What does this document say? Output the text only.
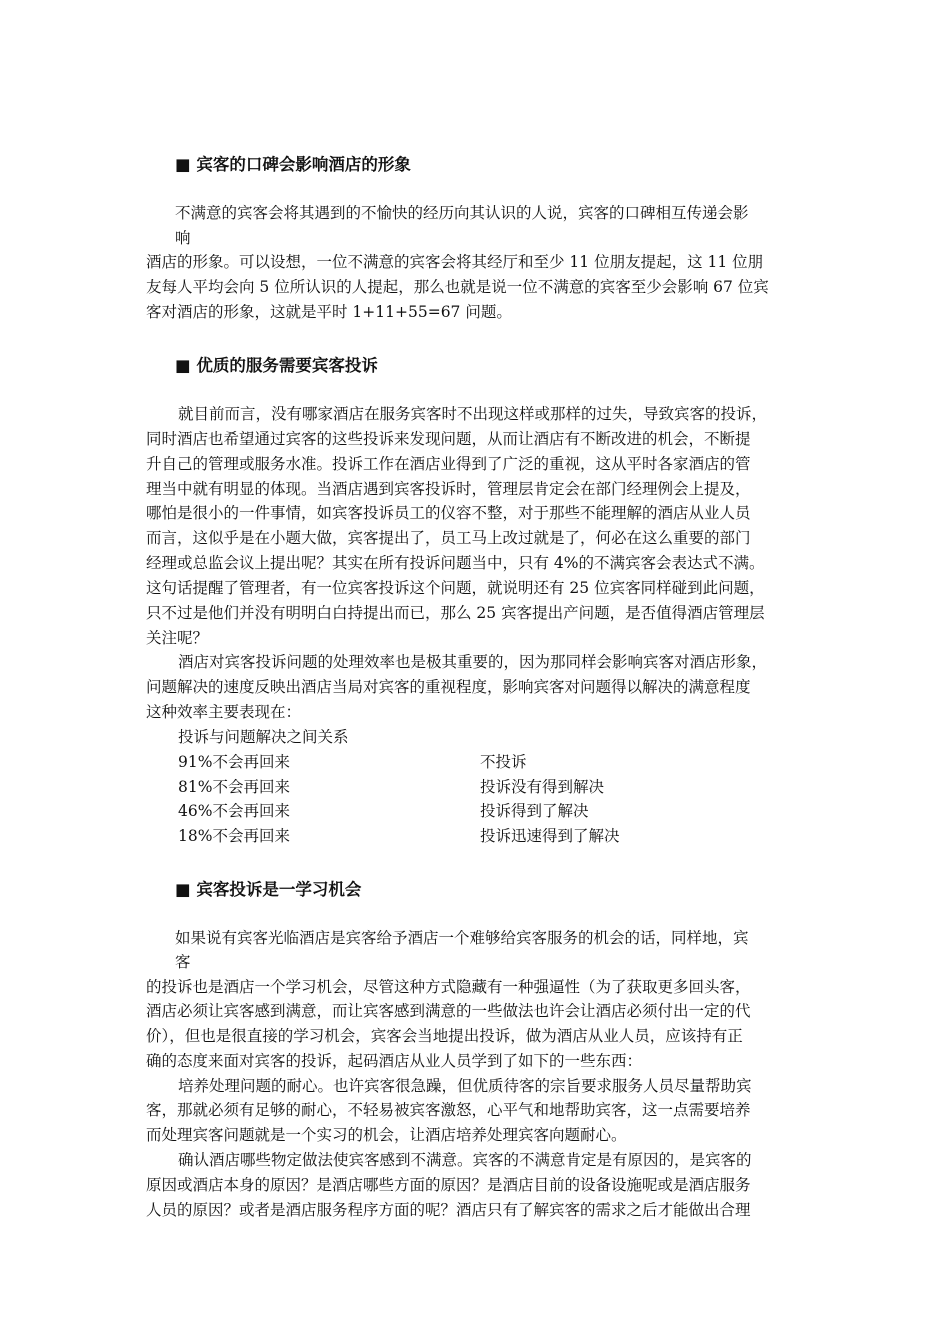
■ 宾客的口碑会影响酒店的形象
不满意的宾客会将其遇到的不愉快的经历向其认识的人说，宾客的口碑相互传递会影
响
酒店的形象。可以设想，一位不满意的宾客会将其经厅和至少 11 位朋友提起，这 11 位朋
友每人平均会向 5 位所认识的人提起，那么也就是说一位不满意的宾客至少会影响 67 位宾
客对酒店的形象，这就是平时 1+11+55=67 问题。
■ 优质的服务需要宾客投诉
就目前而言，没有哪家酒店在服务宾客时不出现这样或那样的过失，导致宾客的投诉，
同时酒店也希望通过宾客的这些投诉来发现问题，从而让酒店有不断改进的机会，不断提
升自己的管理或服务水准。投诉工作在酒店业得到了广泛的重视，这从平时各家酒店的管
理当中就有明显的体现。当酒店遇到宾客投诉时，管理层肯定会在部门经理例会上提及，
哪怕是很小的一件事情，如宾客投诉员工的仪容不整，对于那些不能理解的酒店从业人员
而言，这似乎是在小题大做，宾客提出了，员工马上改过就是了，何必在这么重要的部门
经理或总监会议上提出呢？其实在所有投诉问题当中，只有 4%的不满宾客会表达式不满。
这句话提醒了管理者，有一位宾客投诉这个问题，就说明还有 25 位宾客同样碰到此问题，
只不过是他们并没有明明白白持提出而已，那么 25 宾客提出产问题，是否值得酒店管理层
关注呢？
酒店对宾客投诉问题的处理效率也是极其重要的，因为那同样会影响宾客对酒店形象，
问题解决的速度反映出酒店当局对宾客的重视程度，影响宾客对问题得以解决的满意程度
这种效率主要表现在：
投诉与问题解决之间关系
91%不会再回来	不投诉
81%不会再回来	投诉没有得到解决
46%不会再回来	投诉得到了解决
18%不会再回来	投诉迅速得到了解决
■ 宾客投诉是一学习机会
如果说有宾客光临酒店是宾客给予酒店一个难够给宾客服务的机会的话，同样地，宾
客
的投诉也是酒店一个学习机会，尽管这种方式隐藏有一种强逼性（为了获取更多回头客，
酒店必须让宾客感到满意，而让宾客感到满意的一些做法也许会让酒店必须付出一定的代
价），但也是很直接的学习机会，宾客会当地提出投诉，做为酒店从业人员，应该持有正
确的态度来面对宾客的投诉，起码酒店从业人员学到了如下的一些东西：
培养处理问题的耐心。也许宾客很急躁，但优质待客的宗旨要求服务人员尽量帮助宾
客，那就必须有足够的耐心，不轻易被宾客激怒，心平气和地帮助宾客，这一点需要培养
而处理宾客问题就是一个实习的机会，让酒店培养处理宾客向题耐心。
确认酒店哪些物定做法使宾客感到不满意。宾客的不满意肯定是有原因的，是宾客的
原因或酒店本身的原因？是酒店哪些方面的原因？是酒店目前的设备设施呢或是酒店服务
人员的原因？或者是酒店服务程序方面的呢？酒店只有了解宾客的需求之后才能做出合理
